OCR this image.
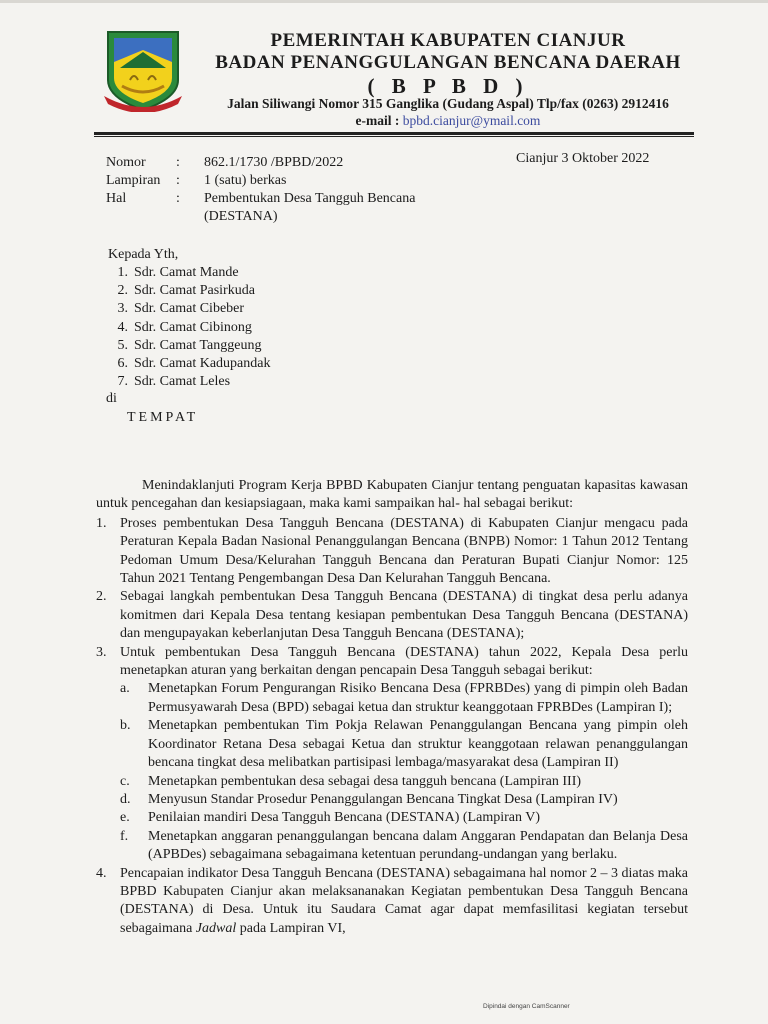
PEMERINTAH KABUPATEN CIANJUR
BADAN PENANGGULANGAN BENCANA DAERAH
( B P B D )
Jalan Siliwangi Nomor 315 Ganglika (Gudang Aspal) Tlp/fax (0263) 2912416
e-mail : bpbd.cianjur@ymail.com
Cianjur 3 Oktober 2022
Nomor	:	862.1/1730 /BPBD/2022
Lampiran	:	1 (satu) berkas
Hal	:	Pembentukan Desa Tangguh Bencana (DESTANA)
Kepada Yth,
1. Sdr. Camat Mande
2. Sdr. Camat Pasirkuda
3. Sdr. Camat Cibeber
4. Sdr. Camat Cibinong
5. Sdr. Camat Tanggeung
6. Sdr. Camat Kadupandak
7. Sdr. Camat Leles
di
TEMPAT

Menindaklanjuti Program Kerja BPBD Kabupaten Cianjur tentang penguatan kapasitas kawasan untuk pencegahan dan kesiapsiagaan, maka kami sampaikan hal- hal sebagai berikut:

1. Proses pembentukan Desa Tangguh Bencana (DESTANA) di Kabupaten Cianjur mengacu pada Peraturan Kepala Badan Nasional Penanggulangan Bencana (BNPB) Nomor: 1 Tahun 2012 Tentang Pedoman Umum Desa/Kelurahan Tangguh Bencana dan Peraturan Bupati Cianjur Nomor: 125 Tahun 2021 Tentang Pengembangan Desa Dan Kelurahan Tangguh Bencana.
2. Sebagai langkah pembentukan Desa Tangguh Bencana (DESTANA) di tingkat desa perlu adanya komitmen dari Kepala Desa tentang kesiapan pembentukan Desa Tangguh Bencana (DESTANA) dan mengupayakan keberlanjutan Desa Tangguh Bencana (DESTANA);
3. Untuk pembentukan Desa Tangguh Bencana (DESTANA) tahun 2022, Kepala Desa perlu menetapkan aturan yang berkaitan dengan pencapain Desa Tangguh sebagai berikut:
a. Menetapkan Forum Pengurangan Risiko Bencana Desa (FPRBDes) yang di pimpin oleh Badan Permusyawarah Desa (BPD) sebagai ketua dan struktur keanggotaan FPRBDes (Lampiran I);
b. Menetapkan pembentukan Tim Pokja Relawan Penanggulangan Bencana yang pimpin oleh Koordinator Retana Desa sebagai Ketua dan struktur keanggotaan relawan penanggulangan bencana tingkat desa melibatkan partisipasi lembaga/masyarakat desa (Lampiran II)
c. Menetapkan pembentukan desa sebagai desa tangguh bencana (Lampiran III)
d. Menyusun Standar Prosedur Penanggulangan Bencana Tingkat Desa (Lampiran IV)
e. Penilaian mandiri Desa Tangguh Bencana (DESTANA) (Lampiran V)
f. Menetapkan anggaran penanggulangan bencana dalam Anggaran Pendapatan dan Belanja Desa (APBDes) sebagaimana sebagaimana ketentuan perundang-undangan yang berlaku.
4. Pencapaian indikator Desa Tangguh Bencana (DESTANA) sebagaimana hal nomor 2 – 3 diatas maka BPBD Kabupaten Cianjur akan melaksananakan Kegiatan pembentukan Desa Tangguh Bencana (DESTANA) di Desa. Untuk itu Saudara Camat agar dapat memfasilitasi kegiatan tersebut sebagaimana Jadwal pada Lampiran VI,
Dipindai dengan CamScanner
